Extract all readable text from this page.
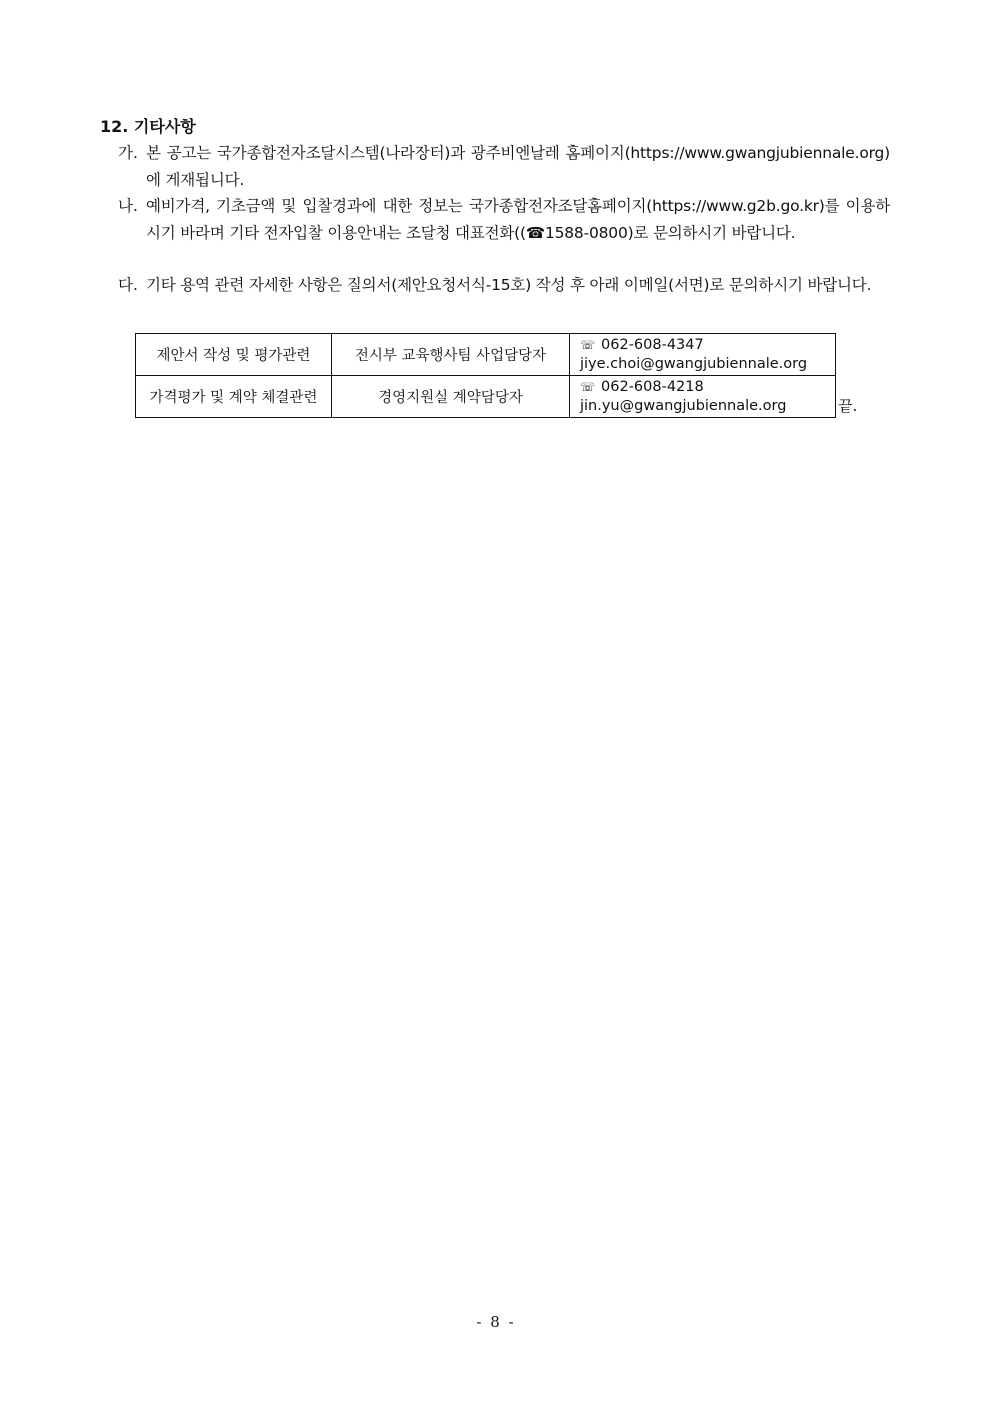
12. 기타사항
가. 본 공고는 국가종합전자조달시스템(나라장터)과 광주비엔날레 홈페이지(https://www.gwangjubiennale.org)에 게재됩니다.
나. 예비가격, 기초금액 및 입찰경과에 대한 정보는 국가종합전자조달홈페이지(https://www.g2b.go.kr)를 이용하시기 바라며 기타 전자입찰 이용안내는 조달청 대표전화((☎1588-0800)로 문의하시기 바랍니다.
다. 기타 용역 관련 자세한 사항은 질의서(제안요청서식-15호) 작성 후 아래 이메일(서면)로 문의하시기 바랍니다.
제안서 작성 및 평가관련	전시부 교육행사팀 사업담당자	☏ 062-608-4347
jiye.choi@gwangjubiennale.org

가격평가 및 계약 체결관련	경영지원실 계약담당자	☏ 062-608-4218
jin.yu@gwangjubiennale.org	끝.
- 8 -
